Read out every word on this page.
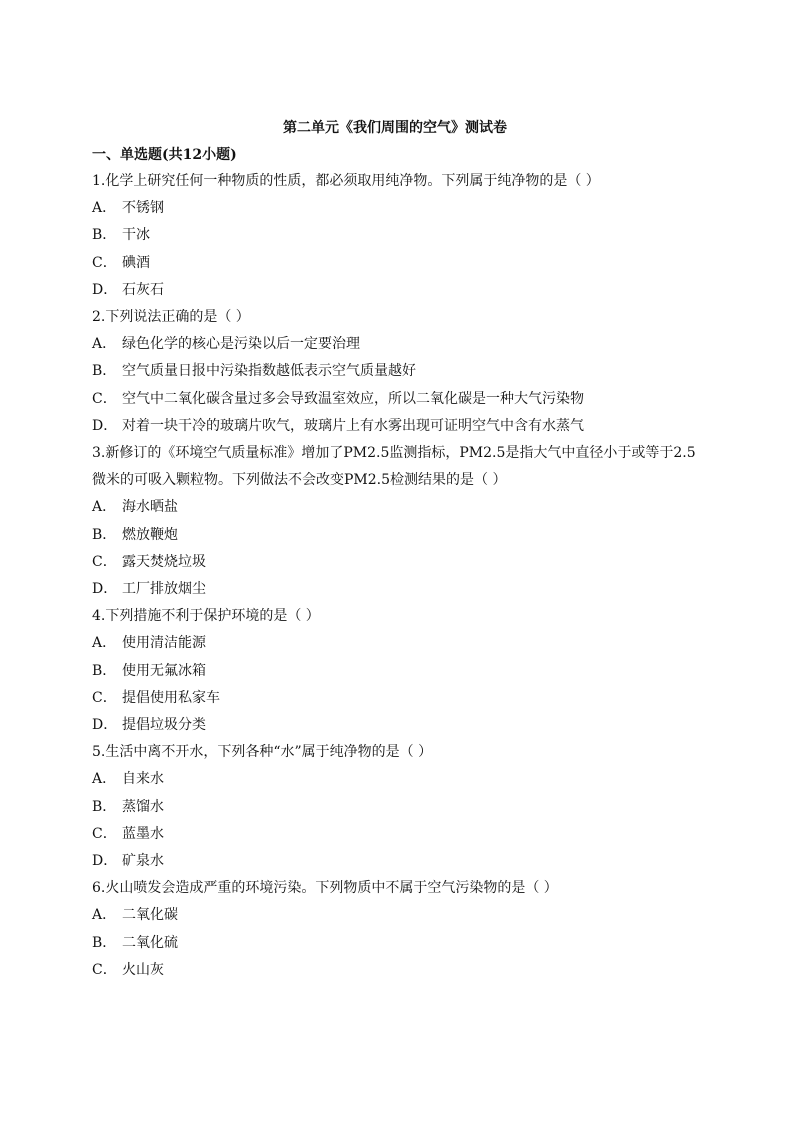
第二单元《我们周围的空气》测试卷
一、单选题(共12小题)
1.化学上研究任何一种物质的性质，都必须取用纯净物。下列属于纯净物的是（ ）
A． 不锈钢
B． 干冰
C． 碘酒
D． 石灰石
2.下列说法正确的是（ ）
A． 绿色化学的核心是污染以后一定要治理
B． 空气质量日报中污染指数越低表示空气质量越好
C． 空气中二氧化碳含量过多会导致温室效应，所以二氧化碳是一种大气污染物
D． 对着一块干冷的玻璃片吹气，玻璃片上有水雾出现可证明空气中含有水蒸气
3.新修订的《环境空气质量标准》增加了PM2.5监测指标，PM2.5是指大气中直径小于或等于2.5微米的可吸入颗粒物。下列做法不会改变PM2.5检测结果的是（ ）
A． 海水晒盐
B． 燃放鞭炮
C． 露天焚烧垃圾
D． 工厂排放烟尘
4.下列措施不利于保护环境的是（ ）
A． 使用清洁能源
B． 使用无氟冰箱
C． 提倡使用私家车
D． 提倡垃圾分类
5.生活中离不开水，下列各种“水”属于纯净物的是（ ）
A． 自来水
B． 蒸馏水
C． 蓝墨水
D． 矿泉水
6.火山喷发会造成严重的环境污染。下列物质中不属于空气污染物的是（ ）
A． 二氧化碳
B． 二氧化硫
C． 火山灰
